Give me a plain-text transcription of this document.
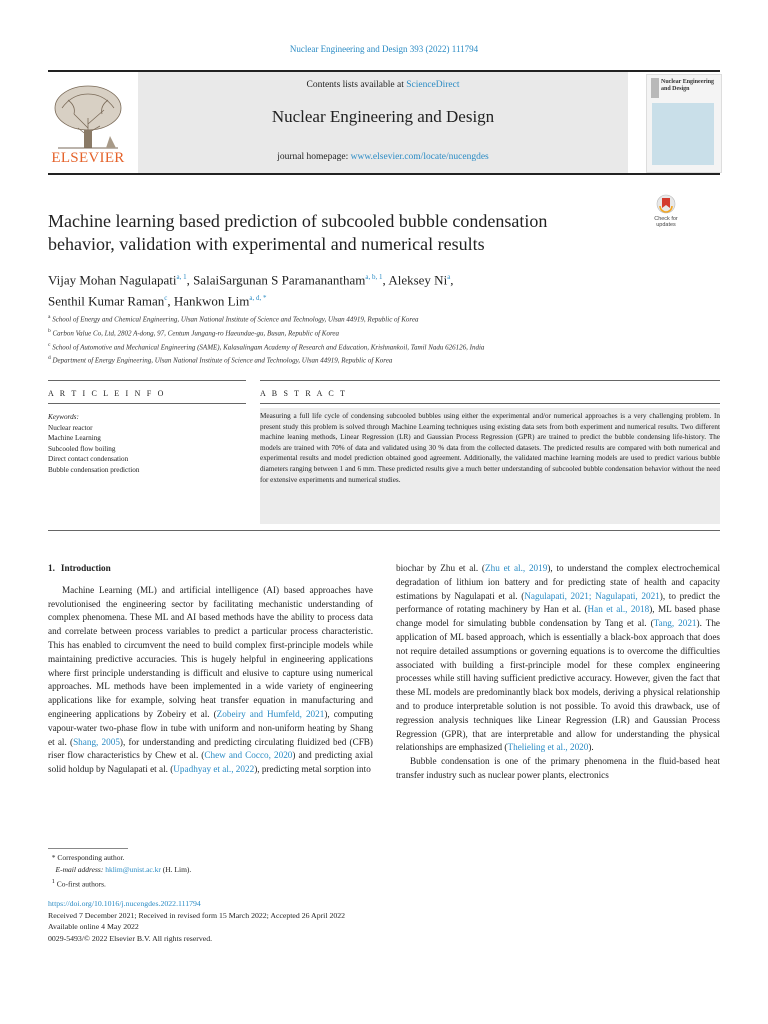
Nuclear Engineering and Design 393 (2022) 111794
ELSEVIER
Contents lists available at ScienceDirect
Nuclear Engineering and Design
journal homepage: www.elsevier.com/locate/nucengdes
Nuclear Engineering and Design
Machine learning based prediction of subcooled bubble condensation
behavior, validation with experimental and numerical results
Check for
updates
Vijay Mohan Nagulapati$^{a, 1}$, SalaiSargunan S Paramanantham$^{a, b, 1}$, Aleksey Ni$^a$,
Senthil Kumar Raman$^c$, Hankwon Lim$^{a, d, *}$
$^a$ School of Energy and Chemical Engineering, Ulsan National Institute of Science and Technology, Ulsan 44919, Republic of Korea
$^b$ Carbon Value Co, Ltd, 2802 A-dong, 97, Centum Jungang-ro Haeundae-gu, Busan, Republic of Korea
$^c$ School of Automotive and Mechanical Engineering (SAME), Kalasalingam Academy of Research and Education, Krishnankoil, Tamil Nadu 626126, India
$^d$ Department of Energy Engineering, Ulsan National Institute of Science and Technology, Ulsan 44919, Republic of Korea
A R T I C L E I N F O	A B S T R A C T
Keywords:
Nuclear reactor
Machine Learning
Subcooled flow boiling
Direct contact condensation
Bubble condensation prediction
Measuring a full life cycle of condensing subcooled bubbles using either the experimental and/or numerical approaches is a very challenging problem. In present study this problem is solved through Machine Learning techniques using existing data sets from both experiment and numerical results. Two different machine leaning methods, Linear Regression (LR) and Gaussian Process Regression (GPR) are trained to predict the bubble condensing life-history. The models are trained with 70% of data and validated using 30 % data from the collected datasets. The predicted results are compared with both numerical and experimental results and model prediction obtained good agreement. Additionally, the validated machine learning models are used to predict various bubble diameters ranging between 1 and 6 mm. These predicted results give a much better understanding of subcooled bubble condensation behavior without the need for extensive experiments and numerical studies.

1. Introduction

Machine Learning (ML) and artificial intelligence (AI) based approaches have revolutionised the engineering sector by facilitating mechanistic understanding of complex phenomena. These ML and AI based methods have the ability to process data and correlate between process variables to predict a particular process characteristic. This has enabled to circumvent the need to build complex first-principle models while maintaining predictive accuracies. This is hugely helpful in engineering applications where first principle understanding is difficult and elusive to capture using numerical approaches. ML methods have been implemented in a wide variety of engineering applications like for example, solving heat transfer equation in manufacturing and engineering applications by Zobeiry et al. (Zobeiry and Humfeld, 2021), computing vapour-water two-phase flow in tube with uniform and non-uniform heating by Shang et al. (Shang, 2005), for understanding and predicting circulating fluidized bed (CFB) riser flow characteristics by Chew et al. (Chew and Cocco, 2020) and predicting axial solid holdup by Nagulapati et al. (Upadhyay et al., 2022), predicting metal sorption into

biochar by Zhu et al. (Zhu et al., 2019), to understand the complex electrochemical degradation of lithium ion battery and for predicting state of health and capacity estimations by Nagulapati et al. (Nagulapati, 2021; Nagulapati, 2021), to predict the performance of rotating machinery by Han et al. (Han et al., 2018), ML based phase change model for simulating bubble condensation by Tang et al. (Tang, 2021). The application of ML based approach, which is essentially a black-box approach that does not require detailed assumptions or governing equations is to overcome the difficulties associated with building a first-principle model for these complex engineering processes while still having sufficient predictive accuracy. However, given the fact that these ML models are predominantly black box models, deriving a physical relationship and to produce interpretable solution is not possible. To avoid this drawback, use of regression analysis techniques like Linear Regression (LR) and Gaussian Process Regression (GPR), that are interpretable and allow for understanding the physical relationships are emphasized (Thelieling et al., 2020).

Bubble condensation is one of the primary phenomena in the fluid-based heat transfer industry such as nuclear power plants, electronics

* Corresponding author.
E-mail address: hklim@unist.ac.kr (H. Lim).
$^1$ Co-first authors.
https://doi.org/10.1016/j.nucengdes.2022.111794
Received 7 December 2021; Received in revised form 15 March 2022; Accepted 26 April 2022
Available online 4 May 2022
0029-5493/© 2022 Elsevier B.V. All rights reserved.
